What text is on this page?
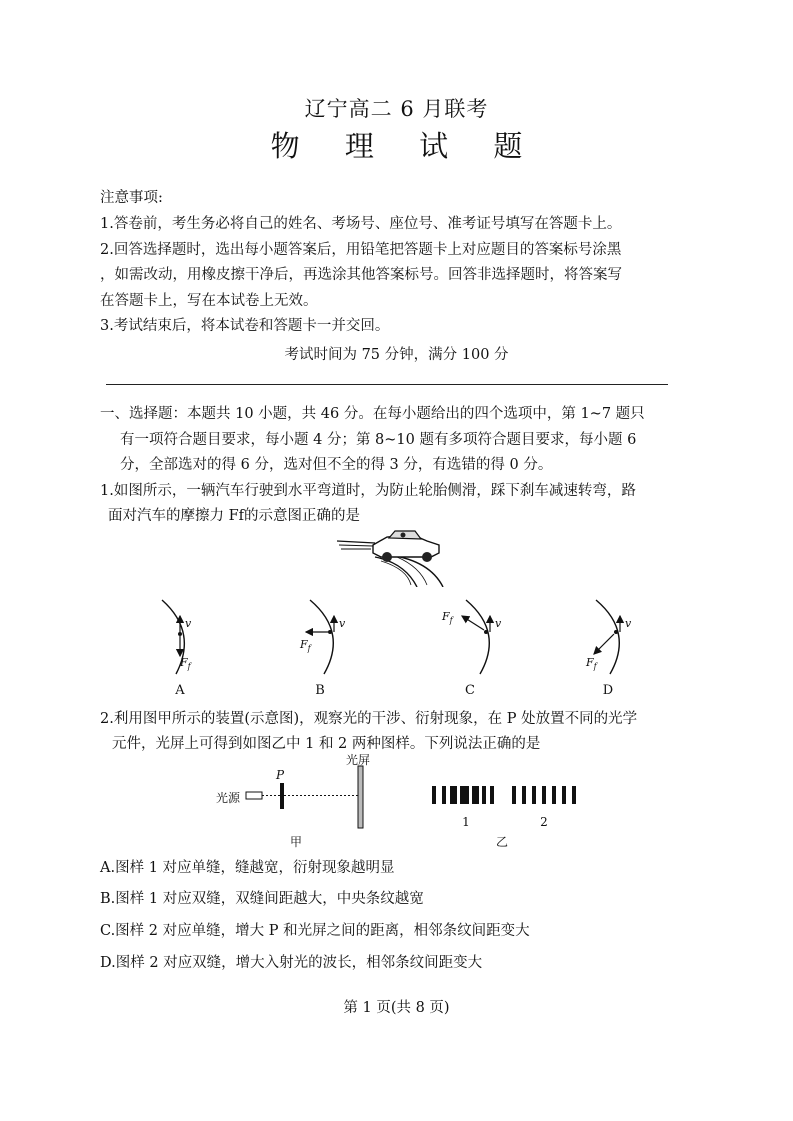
辽宁高二 6 月联考
物 理 试 题
注意事项:
1.答卷前，考生务必将自己的姓名、考场号、座位号、准考证号填写在答题卡上。
2.回答选择题时，选出每小题答案后，用铅笔把答题卡上对应题目的答案标号涂黑
，如需改动，用橡皮擦干净后，再选涂其他答案标号。回答非选择题时，将答案写
在答题卡上，写在本试卷上无效。
3.考试结束后，将本试卷和答题卡一并交回。
考试时间为 75 分钟，满分 100 分
一、选择题：本题共 10 小题，共 46 分。在每小题给出的四个选项中，第 1~7 题只
有一项符合题目要求，每小题 4 分；第 8~10 题有多项符合题目要求，每小题 6
分，全部选对的得 6 分，选对但不全的得 3 分，有选错的得 0 分。
1.如图所示，一辆汽车行驶到水平弯道时，为防止轮胎侧滑，踩下刹车减速转弯，路
面对汽车的摩擦力 Ff的示意图正确的是
v
$F_f$
A
v
$F_f$
B
v
$F_f$
C
v
$F_f$
D
2.利用图甲所示的装置(示意图)，观察光的干涉、衍射现象，在 P 处放置不同的光学
元件，光屏上可得到如图乙中 1 和 2 两种图样。下列说法正确的是
光源
P
光屏
甲
1	2
乙
A.图样 1 对应单缝，缝越宽，衍射现象越明显
B.图样 1 对应双缝，双缝间距越大，中央条纹越宽
C.图样 2 对应单缝，增大 P 和光屏之间的距离，相邻条纹间距变大
D.图样 2 对应双缝，增大入射光的波长，相邻条纹间距变大
第 1 页(共 8 页)
